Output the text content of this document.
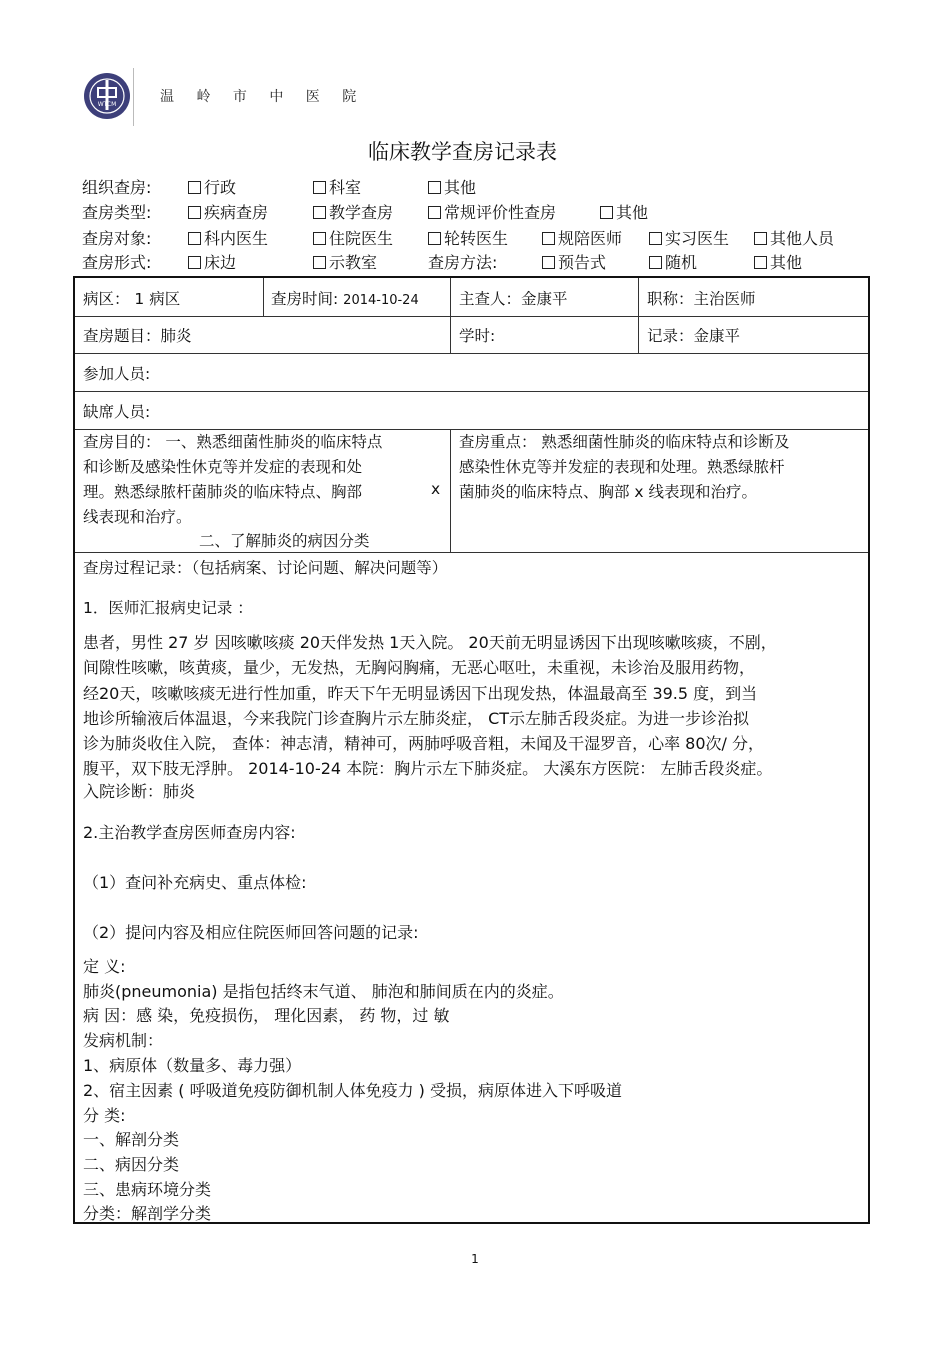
WTCM	温 岭 市 中 医 院
临床教学查房记录表
组织查房:	行政	科室	其他
查房类型:	疾病查房	教学查房	常规评价性查房	其他
查房对象:	科内医生	住院医生	轮转医生	规陪医师	实习医生	其他人员
查房形式:	床边	示教室	查房方法:	预告式	随机	其他
病区： 1 病区	查房时间: 2014-10-24	主查人：金康平	职称：主治医师
查房题目：肺炎	学时:	记录：金康平
参加人员:
缺席人员:
查房目的： 一、熟悉细菌性肺炎的临床特点
和诊断及感染性休克等并发症的表现和处
理。熟悉绿脓杆菌肺炎的临床特点、胸部	x
线表现和治疗。
二、了解肺炎的病因分类
查房重点： 熟悉细菌性肺炎的临床特点和诊断及
感染性休克等并发症的表现和处理。熟悉绿脓杆
菌肺炎的临床特点、胸部 x 线表现和治疗。
查房过程记录：（包括病案、讨论问题、解决问题等）
1．医师汇报病史记录 ：
患者，男性 27 岁 因咳嗽咳痰 20天伴发热 1天入院。 20天前无明显诱因下出现咳嗽咳痰，不剧，
间隙性咳嗽，咳黄痰，量少，无发热，无胸闷胸痛，无恶心呕吐，未重视，未诊治及服用药物，
经20天，咳嗽咳痰无进行性加重，昨天下午无明显诱因下出现发热，体温最高至 39.5 度，到当
地诊所输液后体温退，今来我院门诊查胸片示左肺炎症， CT示左肺舌段炎症。为进一步诊治拟
诊为肺炎收住入院， 查体：神志清，精神可，两肺呼吸音粗，未闻及干湿罗音，心率 80次/ 分，
腹平，双下肢无浮肿。 2014-10-24 本院：胸片示左下肺炎症。 大溪东方医院： 左肺舌段炎症。
入院诊断：肺炎
2.主治教学查房医师查房内容:
（1）查问补充病史、重点体检:
（2）提问内容及相应住院医师回答问题的记录:
定 义:
肺炎(pneumonia) 是指包括终末气道、 肺泡和肺间质在内的炎症。
病 因：感 染，免疫损伤， 理化因素， 药 物，过 敏
发病机制：
1、病原体（数量多、毒力强）
2、宿主因素 ( 呼吸道免疫防御机制人体免疫力 ) 受损，病原体进入下呼吸道
分 类:
一、解剖分类
二、病因分类
三、患病环境分类
分类：解剖学分类
1
